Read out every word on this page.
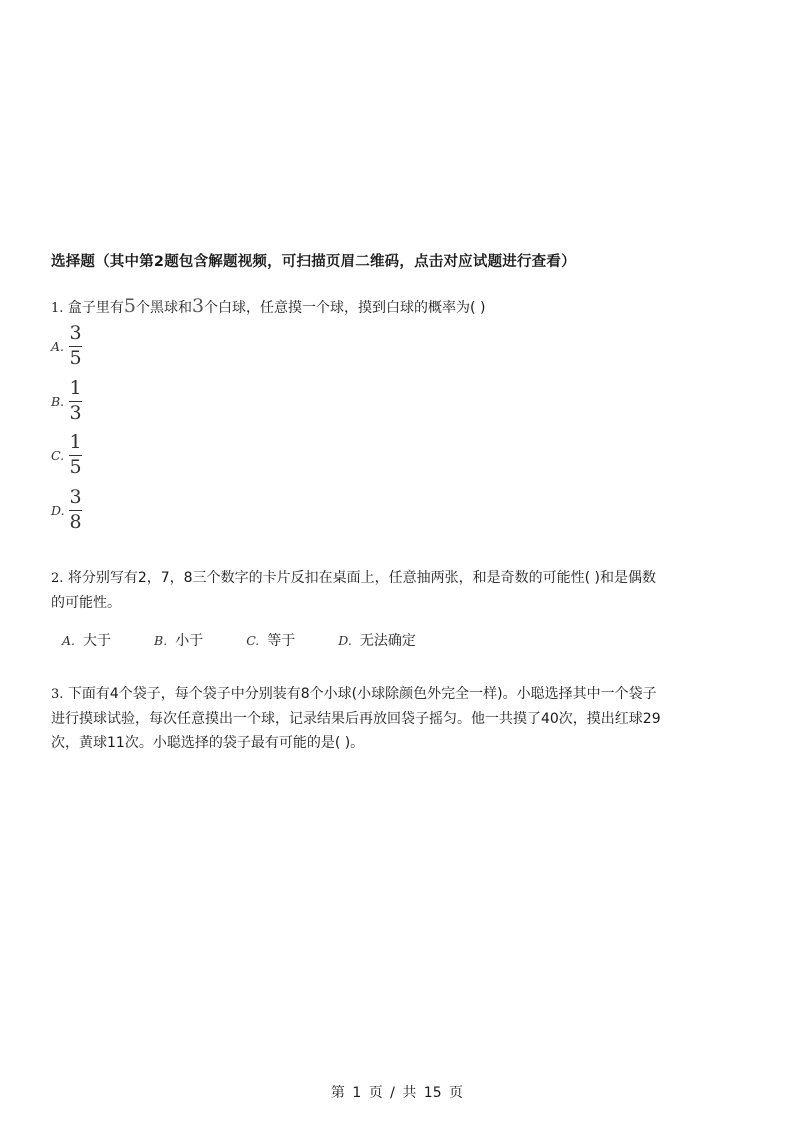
选择题（其中第2题包含解题视频，可扫描页眉二维码，点击对应试题进行查看）
1. 盒子里有5个黑球和3个白球，任意摸一个球，摸到白球的概率为( )
A. $\frac{3}{5}$
B. $\frac{1}{3}$
C. $\frac{1}{5}$
D. $\frac{3}{8}$
2. 将分别写有2，7，8三个数字的卡片反扣在桌面上，任意抽两张，和是奇数的可能性( )和是偶数
的可能性。
A. 大于	B. 小于	C. 等于	D. 无法确定
3. 下面有4个袋子，每个袋子中分别装有8个小球(小球除颜色外完全一样)。小聪选择其中一个袋子
进行摸球试验，每次任意摸出一个球，记录结果后再放回袋子摇匀。他一共摸了40次，摸出红球29
次，黄球11次。小聪选择的袋子最有可能的是( )。
第 1 页 / 共 15 页
